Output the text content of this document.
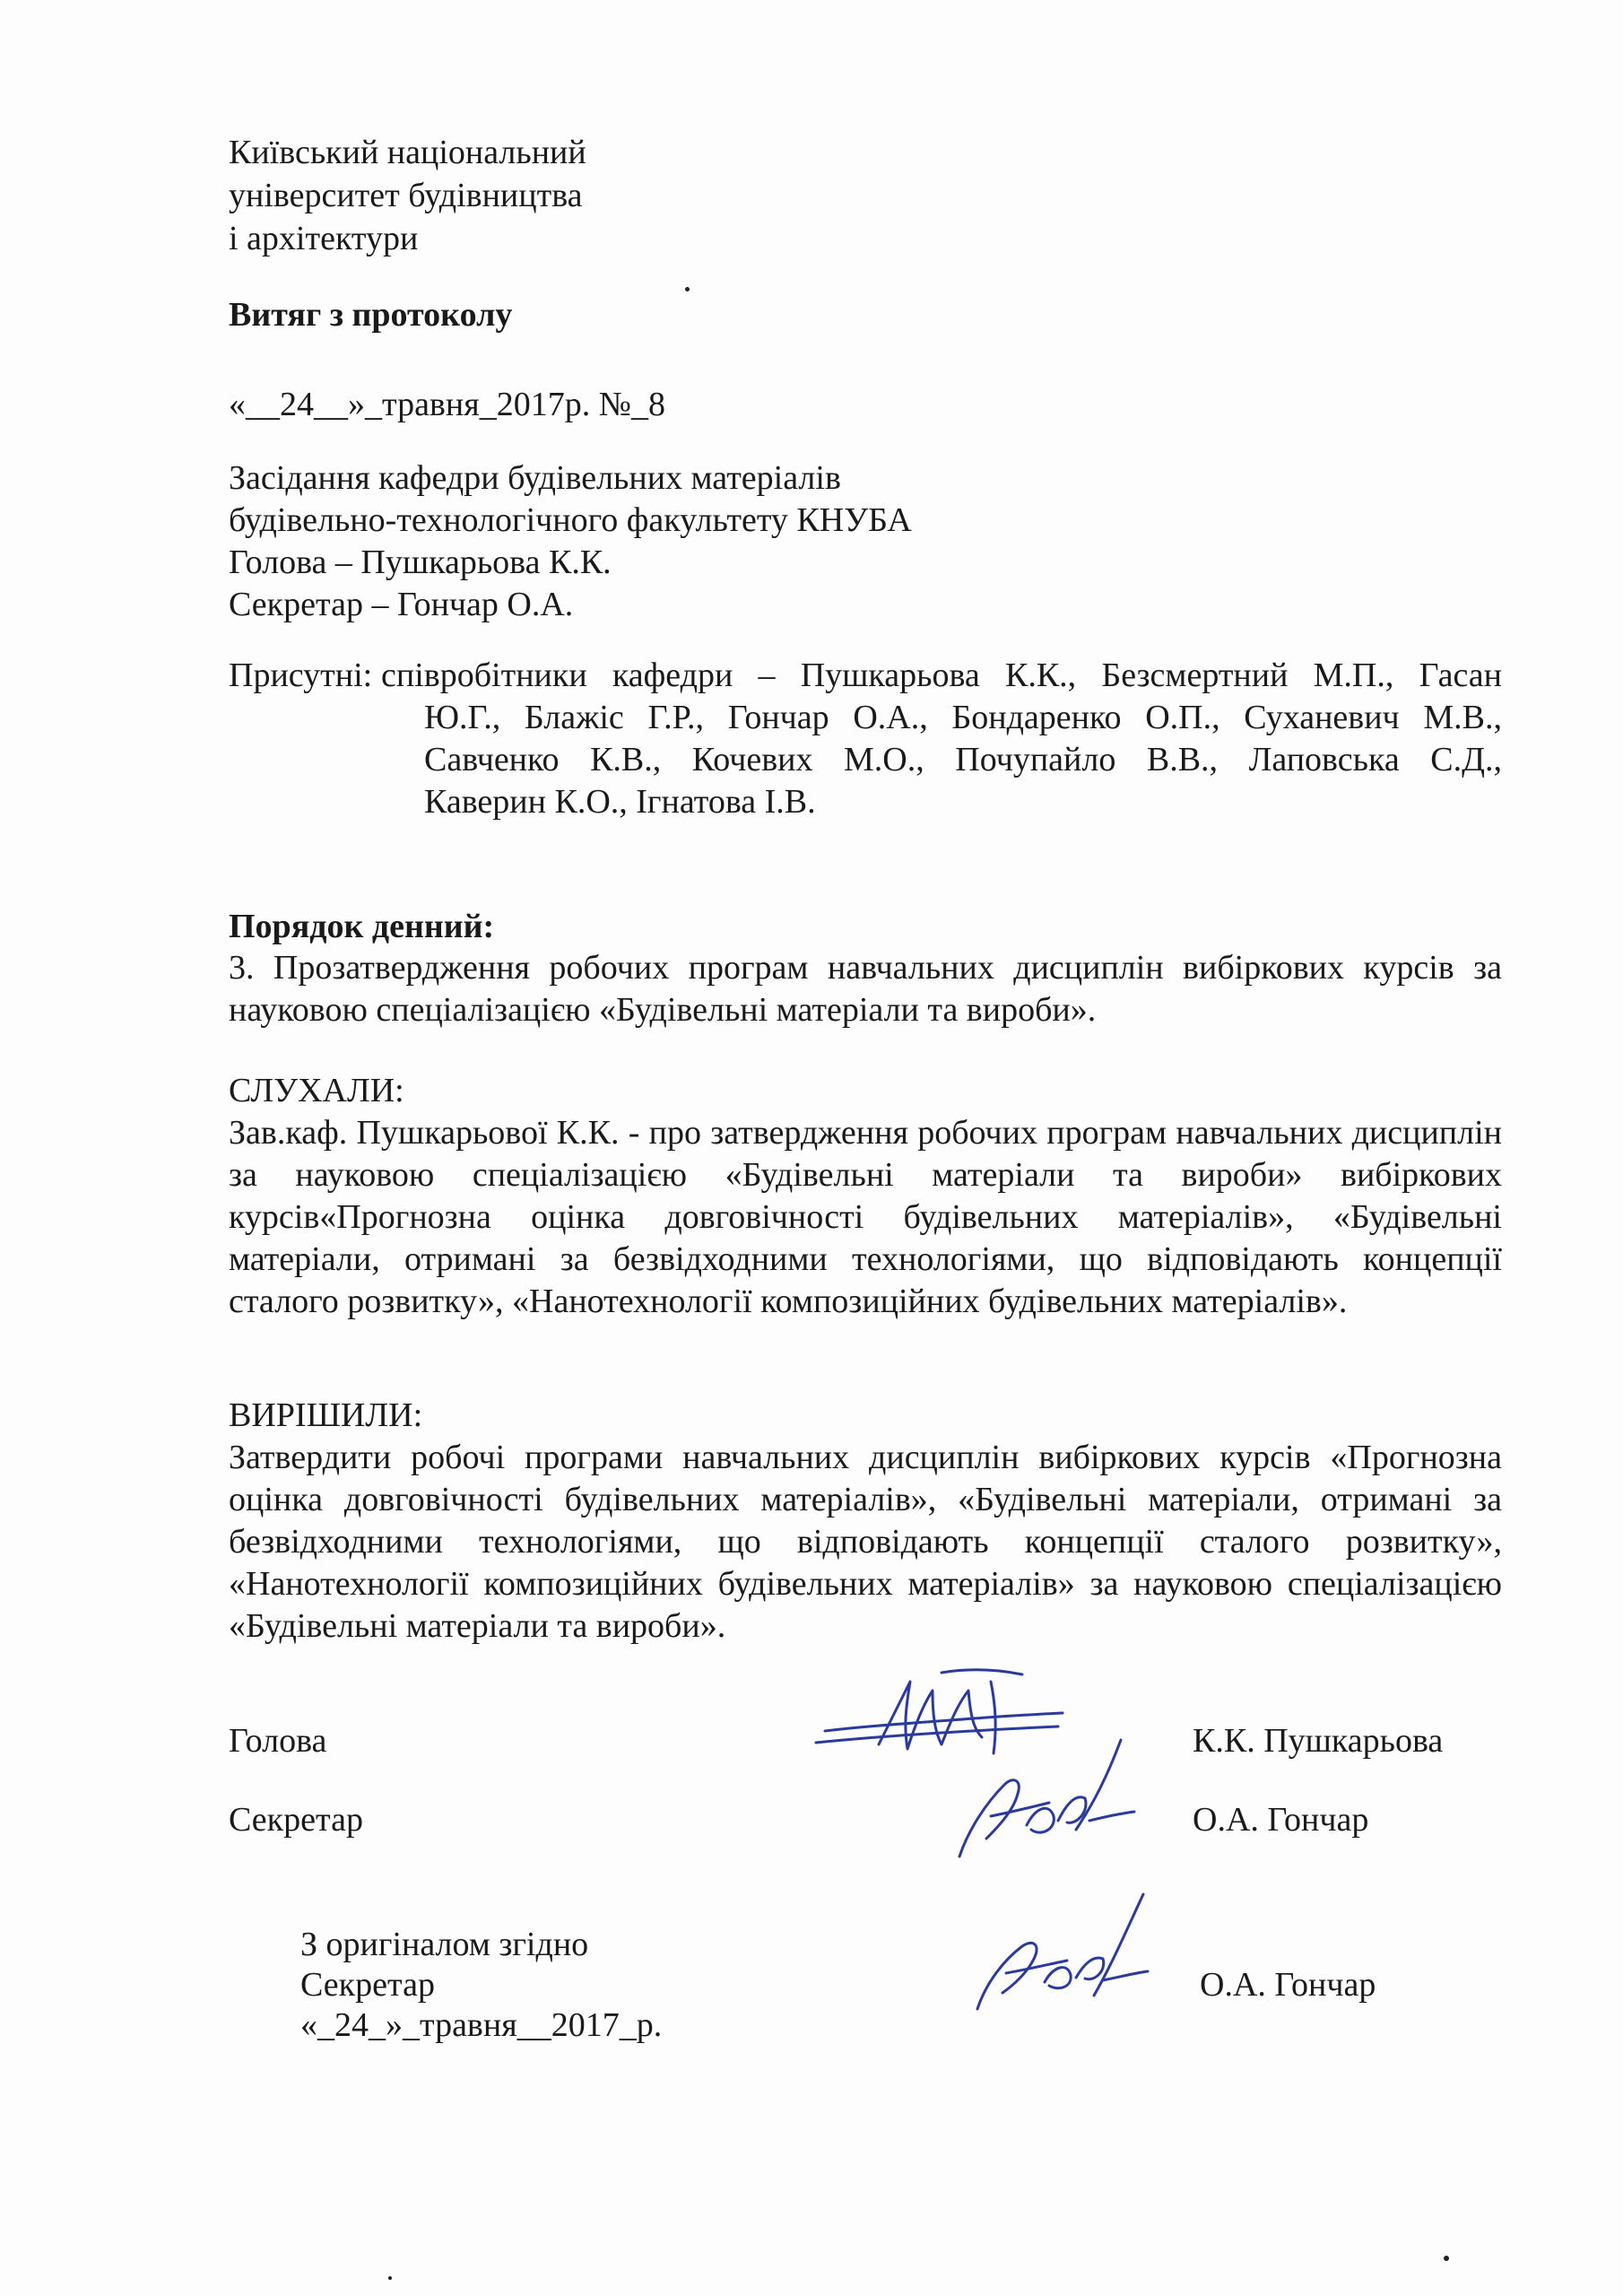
Київський національний
університет будівництва
і архітектури
Витяг з протоколу
«__24__»_травня_2017р. №_8
Засідання кафедри будівельних матеріалів
будівельно-технологічного факультету КНУБА
Голова – Пушкарьова К.К.
Секретар – Гончар О.А.
Присутні: співробітники кафедри – Пушкарьова К.К., Безсмертний М.П., Гасан
Ю.Г., Блажіс Г.Р., Гончар О.А., Бондаренко О.П., Суханевич М.В.,
Савченко К.В., Кочевих М.О., Почупайло В.В., Лаповська С.Д.,
Каверин К.О., Ігнатова І.В.
Порядок денний:
3. Прозатвердження робочих програм навчальних дисциплін вибіркових курсів за науковою спеціалізацією «Будівельні матеріали та вироби».
СЛУХАЛИ:
Зав.каф. Пушкарьової К.К. - про затвердження робочих програм навчальних дисциплін за науковою спеціалізацією «Будівельні матеріали та вироби» вибіркових курсів«Прогнозна оцінка довговічності будівельних матеріалів», «Будівельні матеріали, отримані за безвідходними технологіями, що відповідають концепції сталого розвитку», «Нанотехнології композиційних будівельних матеріалів».
ВИРІШИЛИ:
Затвердити робочі програми навчальних дисциплін вибіркових курсів «Прогнозна оцінка довговічності будівельних матеріалів», «Будівельні матеріали, отримані за безвідходними технологіями, що відповідають концепції сталого розвитку», «Нанотехнології композиційних будівельних матеріалів» за науковою спеціалізацією «Будівельні матеріали та вироби».
Голова	К.К. Пушкарьова
Секретар	О.А. Гончар
З оригіналом згідно
Секретар
«_24_»_травня__2017_р.
О.А. Гончар
